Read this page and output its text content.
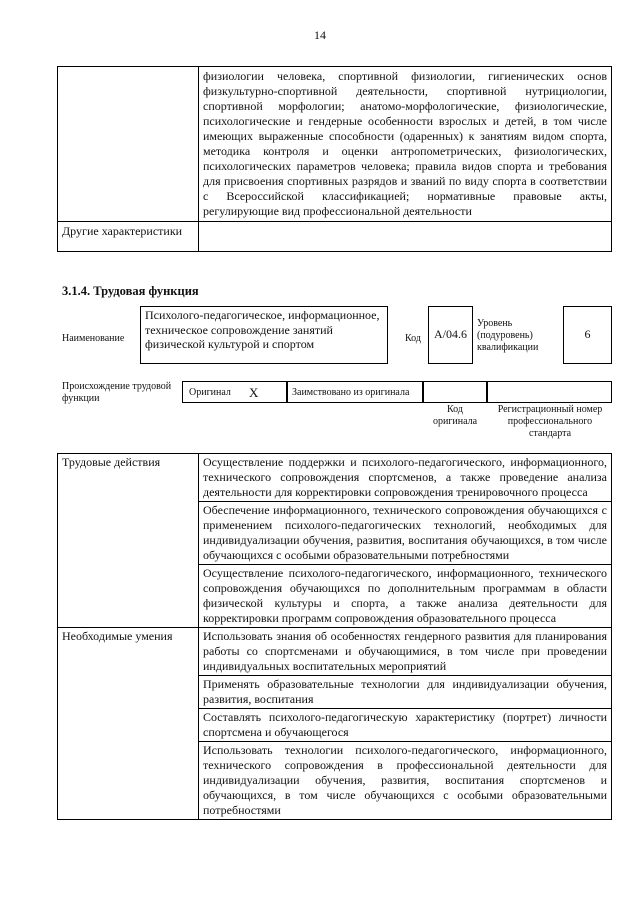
14
	физиологии человека, спортивной физиологии, гигиенических основ физкультурно-спортивной деятельности, спортивной нутрициологии, спортивной морфологии; анатомо-морфологические, физиологические, психологические и гендерные особенности взрослых и детей, в том числе имеющих выраженные способности (одаренных) к занятиям видом спорта, методика контроля и оценки антропометрических, физиологических, психологических параметров человека; правила видов спорта и требования для присвоения спортивных разрядов и званий по виду спорта в соответствии с Всероссийской классификацией; нормативные правовые акты, регулирующие вид профессиональной деятельности
Другие характеристики	
3.1.4. Трудовая функция
Наименование
Психолого-педагогическое, информационное, техническое сопровождение занятий физической культурой и спортом	Код	A/04.6
Уровень (подуровень) квалификации
6
Происхождение трудовой функции
Оригинал X	Заимствовано из оригинала
Код оригинала
Регистрационный номер профессионального стандарта
Трудовые действия	Осуществление поддержки и психолого-педагогического, информационного, технического сопровождения спортсменов, а также проведение анализа деятельности для корректировки сопровождения тренировочного процесса
	Обеспечение информационного, технического сопровождения обучающихся с применением психолого-педагогических технологий, необходимых для индивидуализации обучения, развития, воспитания обучающихся, в том числе обучающихся с особыми образовательными потребностями
	Осуществление психолого-педагогического, информационного, технического сопровождения обучающихся по дополнительным программам в области физической культуры и спорта, а также анализа деятельности для корректировки программ сопровождения образовательного процесса
Необходимые умения	Использовать знания об особенностях гендерного развития для планирования работы со спортсменами и обучающимися, в том числе при проведении индивидуальных воспитательных мероприятий
	Применять образовательные технологии для индивидуализации обучения, развития, воспитания
	Составлять психолого-педагогическую характеристику (портрет) личности спортсмена и обучающегося
	Использовать технологии психолого-педагогического, информационного, технического сопровождения в профессиональной деятельности для индивидуализации обучения, развития, воспитания спортсменов и обучающихся, в том числе обучающихся с особыми образовательными потребностями
